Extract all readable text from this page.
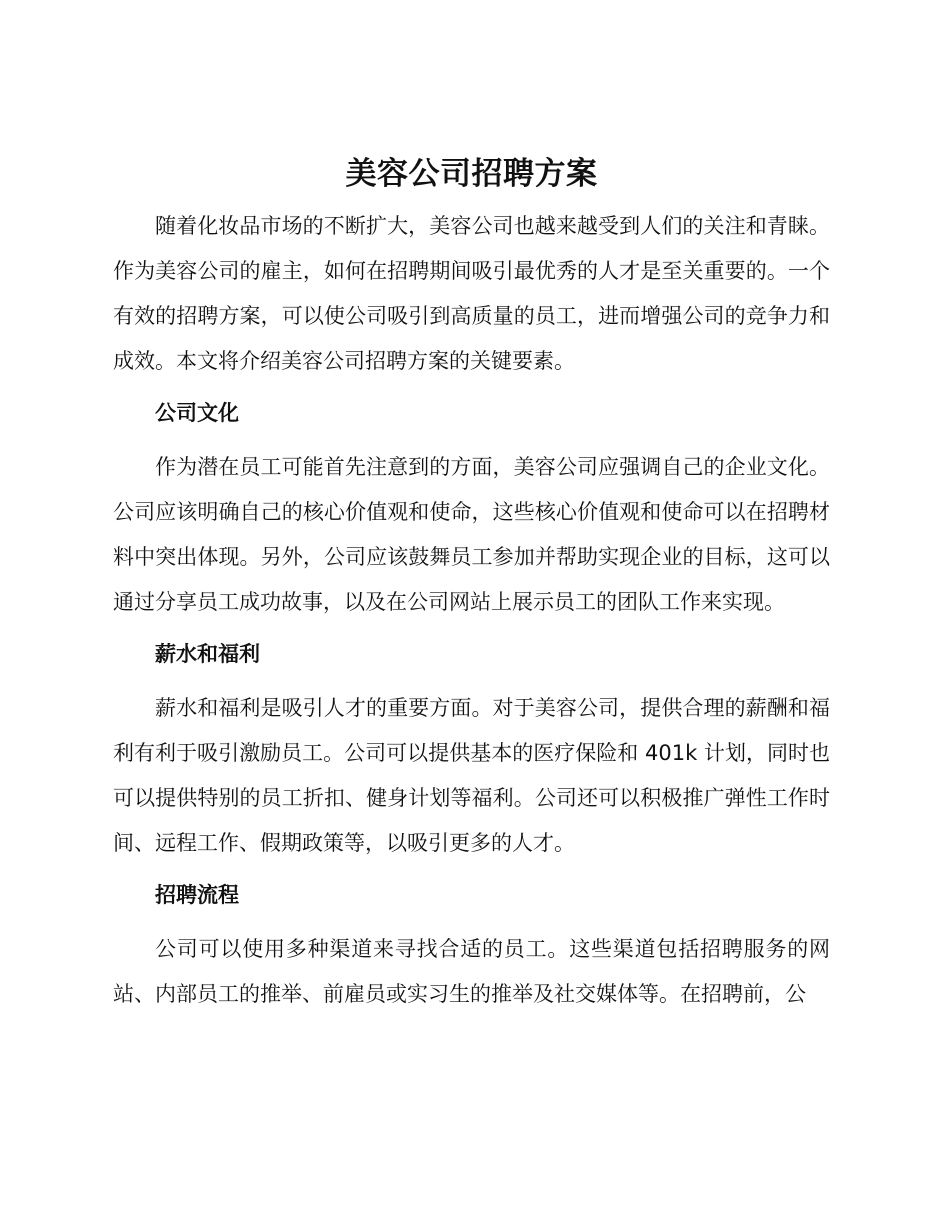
美容公司招聘方案

随着化妆品市场的不断扩大，美容公司也越来越受到人们的关注和青睐。作为美容公司的雇主，如何在招聘期间吸引最优秀的人才是至关重要的。一个有效的招聘方案，可以使公司吸引到高质量的员工，进而增强公司的竞争力和成效。本文将介绍美容公司招聘方案的关键要素。

公司文化

作为潜在员工可能首先注意到的方面，美容公司应强调自己的企业文化。公司应该明确自己的核心价值观和使命，这些核心价值观和使命可以在招聘材料中突出体现。另外，公司应该鼓舞员工参加并帮助实现企业的目标，这可以通过分享员工成功故事，以及在公司网站上展示员工的团队工作来实现。

薪水和福利

薪水和福利是吸引人才的重要方面。对于美容公司，提供合理的薪酬和福利有利于吸引激励员工。公司可以提供基本的医疗保险和 401k 计划，同时也可以提供特别的员工折扣、健身计划等福利。公司还可以积极推广弹性工作时间、远程工作、假期政策等，以吸引更多的人才。

招聘流程

公司可以使用多种渠道来寻找合适的员工。这些渠道包括招聘服务的网站、内部员工的推举、前雇员或实习生的推举及社交媒体等。在招聘前，公
